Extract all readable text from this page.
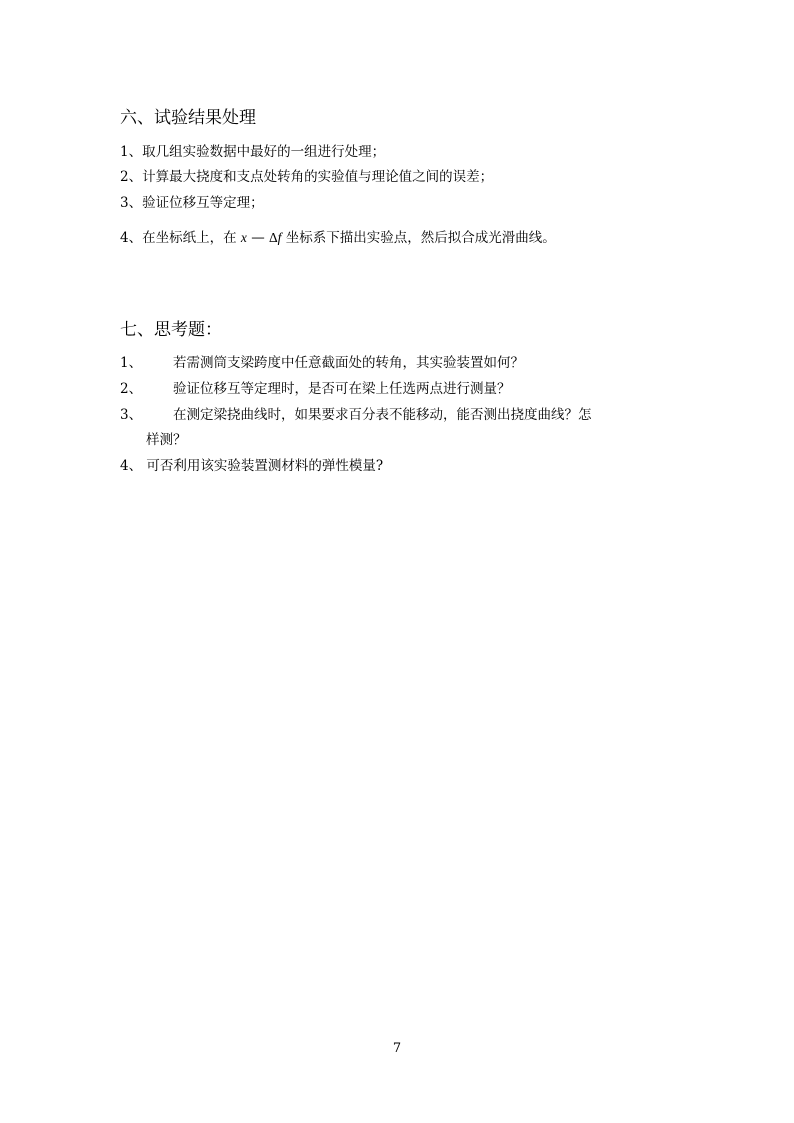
六、试验结果处理
1、取几组实验数据中最好的一组进行处理；
2、计算最大挠度和支点处转角的实验值与理论值之间的误差；
3、验证位移互等定理；
4、在坐标纸上，在 x — Δf 坐标系下描出实验点，然后拟合成光滑曲线。
七、思考题：
1、 若需测筒支梁跨度中任意截面处的转角，其实验装置如何？
2、 验证位移互等定理时，是否可在梁上任选两点进行测量？
3、 在测定梁挠曲线时，如果要求百分表不能移动，能否测出挠度曲线？怎
样测？
4、 可否利用该实验装置测材料的弹性模量?
7
